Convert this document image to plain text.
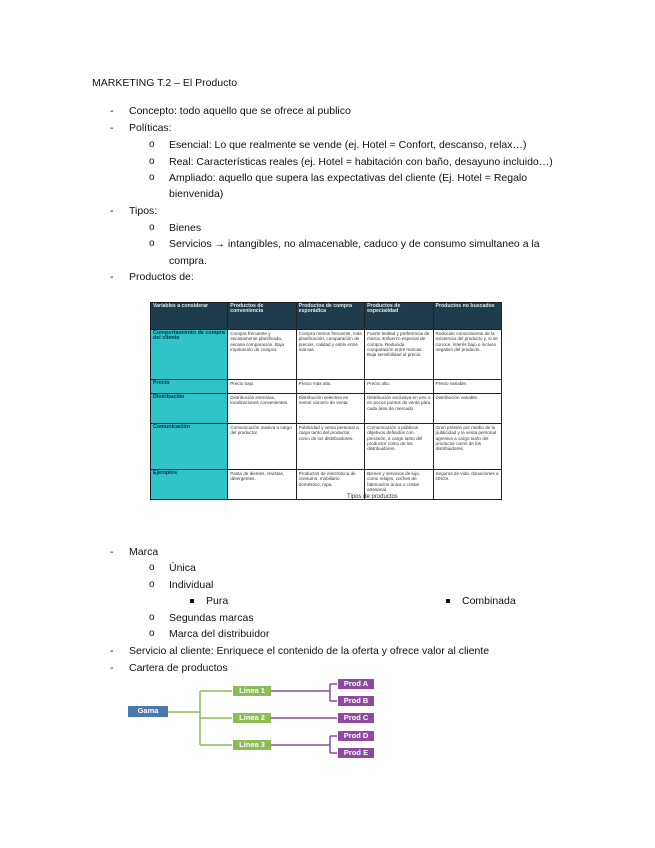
MARKETING T.2 – El Producto
- Concepto: todo aquello que se ofrece al publico
- Políticas:
o Esencial: Lo que realmente se vende (ej. Hotel = Confort, descanso, relax…)
o Real: Características reales (ej. Hotel = habitación con baño, desayuno incluido…)
o Ampliado: aquello que supera las expectativas del cliente (Ej. Hotel = Regalo
bienvenida)
- Tipos:
o Bienes
o Servicios → intangibles, no almacenable, caduco y de consumo simultaneo a la
compra.
- Productos de:
Variables a considerar	Productos de conveniencia	Productos de compra esporádica	Productos de especialidad	Productos no buscados
Comportamiento de compra del cliente	Compra frecuente y escasamente planificada, escasa comparación. Baja implicación de compra.	Compra menos frecuente, más planificación, comparación de precios, calidad y estilo entre marcas.	Fuerte lealtad y preferencia de marca. Esfuerzo especial de compra. Reducida comparación entre marcas. Baja sensibilidad al precio.	Reducido conocimiento de la existencia del producto y, si se conoce, interés bajo o incluso negativo del producto.
Precio	Precio bajo.	Precio más alto.	Precio alto.	Precio variable.
Distribución	Distribución intensiva, localizaciones convenientes.	Distribución selectiva en menor número de venta.	Distribución exclusiva en uno o en pocos puntos de venta para cada área de mercado.	Distribución variable.
Comunicación	Comunicación masiva a cargo del productor.	Publicidad y venta personal a cargo tanto del productor como de los distribuidores.	Comunicación a públicos objetivos definidos con precisión, a cargo tanto del productor como de los distribuidores.	Gran presión por medio de la publicidad y la venta personal agresiva a cargo tanto del productor como de los distribuidores.
Ejemplos	Pasta de dientes, revistas, detergentes.	Productos de electrónica de consumo, mobiliario doméstico, ropa.	Bienes y servicios de lujo, como relojes, coches de fabricación única o cristal artesanal.	Seguros de vida, donaciones a ONGs.
Tipos de productos
- Marca
o Única
o Individual
Pura	Combinada
o Segundas marcas
o Marca del distribuidor
- Servicio al cliente: Enriquece el contenido de la oferta y ofrece valor al cliente
- Cartera de productos
Gama
Línea 1
Línea 2
Línea 3
Prod A
Prod B
Prod C
Prod D
Prod E
